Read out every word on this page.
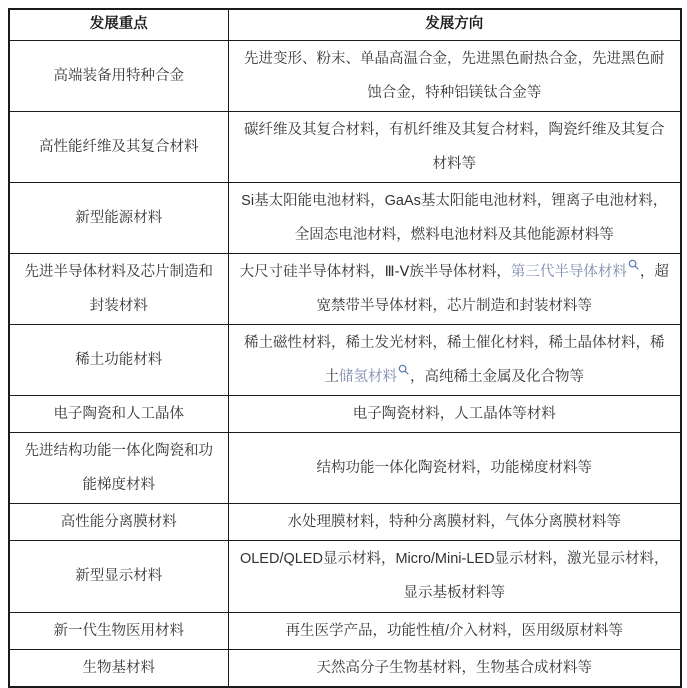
发展重点	发展方向
高端装备用特种合金	先进变形、粉末、单晶高温合金，先进黑色耐热合金，先进黑色耐蚀合金，特种铝镁钛合金等
高性能纤维及其复合材料	碳纤维及其复合材料，有机纤维及其复合材料，陶瓷纤维及其复合材料等
新型能源材料	Si基太阳能电池材料，GaAs基太阳能电池材料，锂离子电池材料，全固态电池材料，燃料电池材料及其他能源材料等
先进半导体材料及芯片制造和封装材料	大尺寸硅半导体材料，Ⅲ-Ⅴ族半导体材料，第三代半导体材料 ，超宽禁带半导体材料，芯片制造和封装材料等
稀土功能材料	稀土磁性材料，稀土发光材料，稀土催化材料，稀土晶体材料，稀土储氢材料 ，高纯稀土金属及化合物等
电子陶瓷和人工晶体	电子陶瓷材料，人工晶体等材料
先进结构功能一体化陶瓷和功能梯度材料	结构功能一体化陶瓷材料，功能梯度材料等
高性能分离膜材料	水处理膜材料，特种分离膜材料，气体分离膜材料等
新型显示材料	OLED/QLED显示材料，Micro/Mini-LED显示材料，激光显示材料，显示基板材料等
新一代生物医用材料	再生医学产品，功能性植/介入材料，医用级原材料等
生物基材料	天然高分子生物基材料，生物基合成材料等
